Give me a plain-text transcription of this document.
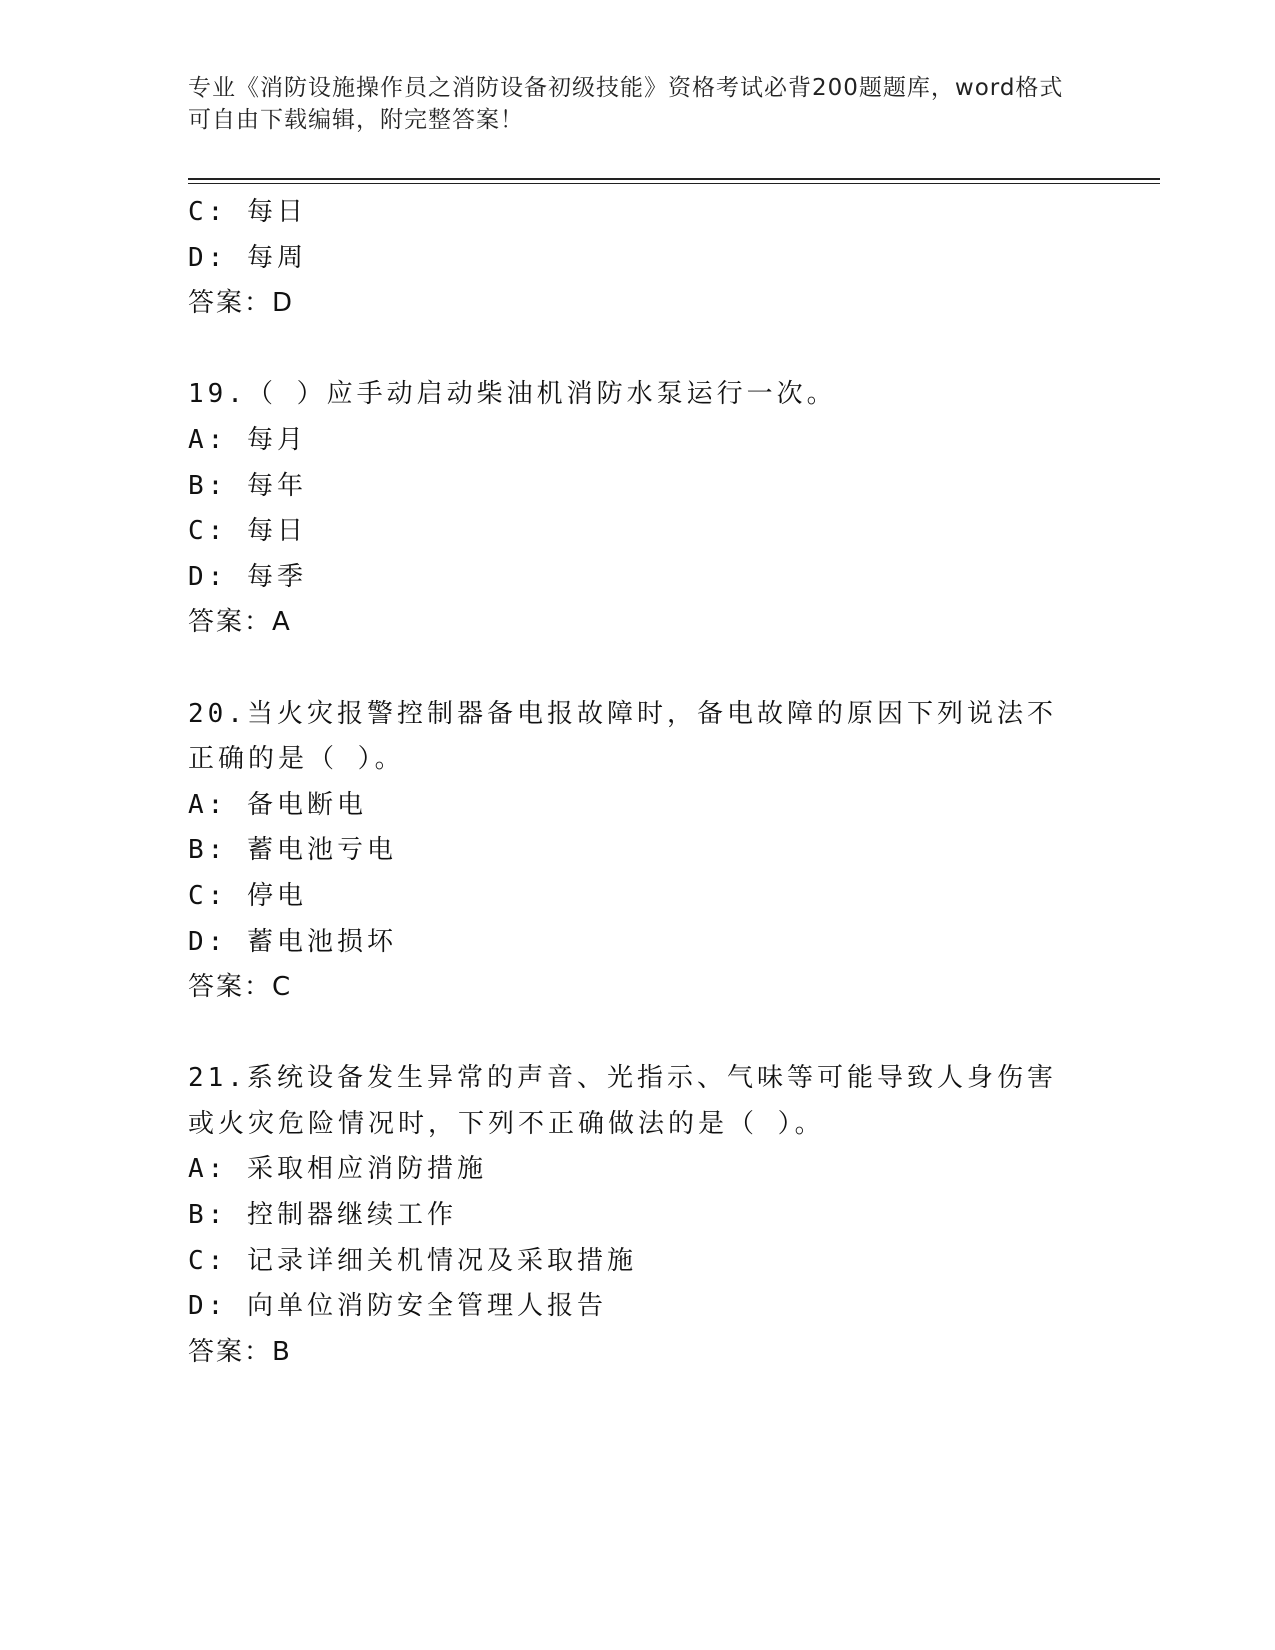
专业《消防设施操作员之消防设备初级技能》资格考试必背200题题库，word格式可自由下载编辑，附完整答案！
C: 每日
D: 每周
答案：D
19.（ ）应手动启动柴油机消防水泵运行一次。
A: 每月
B: 每年
C: 每日
D: 每季
答案：A
20.当火灾报警控制器备电报故障时，备电故障的原因下列说法不正确的是（ ）。
A: 备电断电
B: 蓄电池亏电
C: 停电
D: 蓄电池损坏
答案：C
21.系统设备发生异常的声音、光指示、气味等可能导致人身伤害或火灾危险情况时，下列不正确做法的是（ ）。
A: 采取相应消防措施
B: 控制器继续工作
C: 记录详细关机情况及采取措施
D: 向单位消防安全管理人报告
答案：B
